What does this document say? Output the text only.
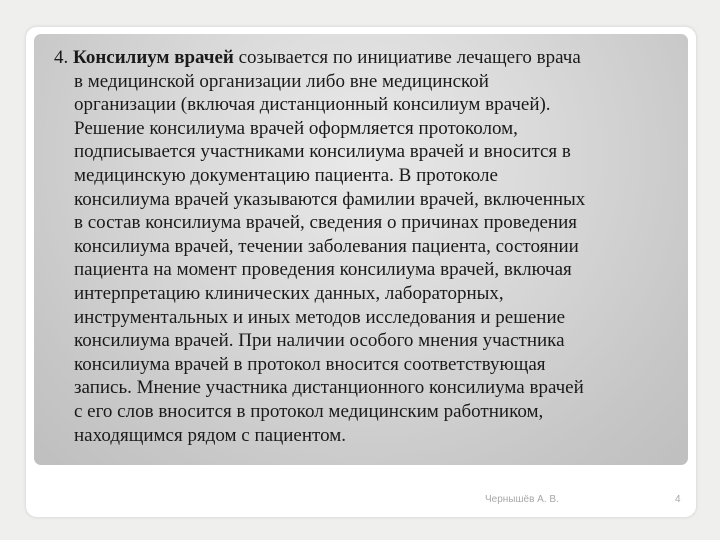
4. Консилиум врачей созывается по инициативе лечащего врача
в медицинской организации либо вне медицинской
организации (включая дистанционный консилиум врачей).
Решение консилиума врачей оформляется протоколом,
подписывается участниками консилиума врачей и вносится в
медицинскую документацию пациента. В протоколе
консилиума врачей указываются фамилии врачей, включенных
в состав консилиума врачей, сведения о причинах проведения
консилиума врачей, течении заболевания пациента, состоянии
пациента на момент проведения консилиума врачей, включая
интерпретацию клинических данных, лабораторных,
инструментальных и иных методов исследования и решение
консилиума врачей. При наличии особого мнения участника
консилиума врачей в протокол вносится соответствующая
запись. Мнение участника дистанционного консилиума врачей
с его слов вносится в протокол медицинским работником,
находящимся рядом с пациентом.

Чернышёв А. В.	4
